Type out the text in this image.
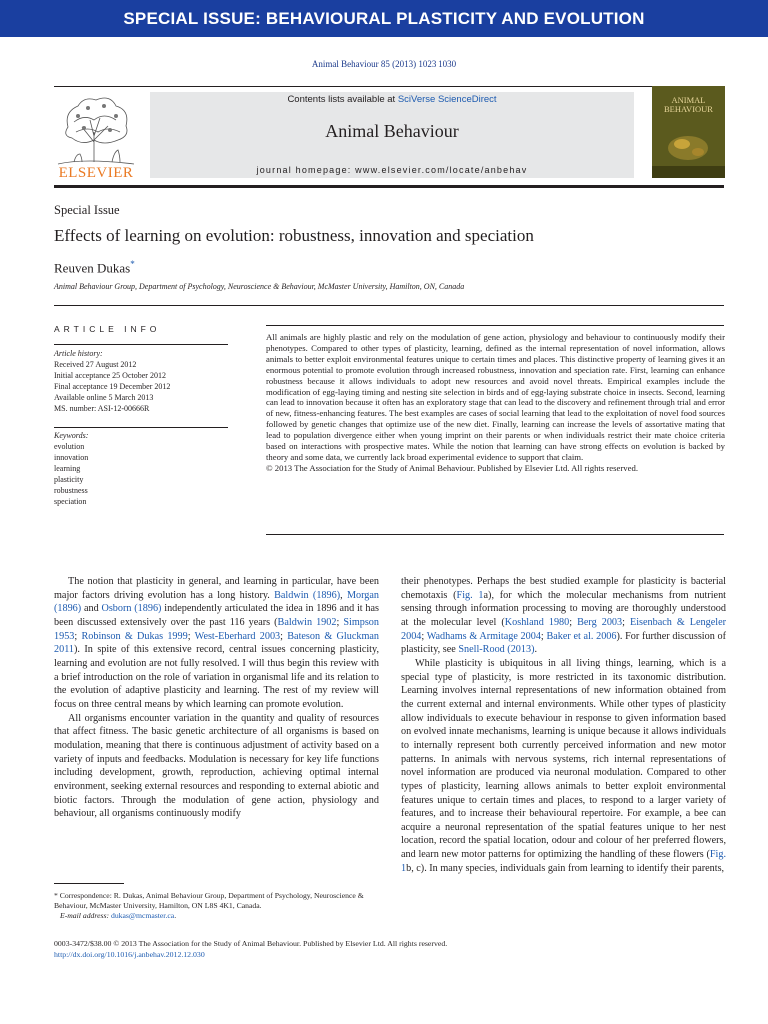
SPECIAL ISSUE: BEHAVIOURAL PLASTICITY AND EVOLUTION
Animal Behaviour 85 (2013) 1023 1030
ELSEVIER
Contents lists available at SciVerse ScienceDirect
Animal Behaviour
journal homepage: www.elsevier.com/locate/anbehav
ANIMAL
BEHAVIOUR
Special Issue
Effects of learning on evolution: robustness, innovation and speciation
Reuven Dukas*
Animal Behaviour Group, Department of Psychology, Neuroscience & Behaviour, McMaster University, Hamilton, ON, Canada
ARTICLE INFO
Article history:
Received 27 August 2012
Initial acceptance 25 October 2012
Final acceptance 19 December 2012
Available online 5 March 2013
MS. number: ASI-12-00666R
Keywords:
evolution
innovation
learning
plasticity
robustness
speciation
All animals are highly plastic and rely on the modulation of gene action, physiology and behaviour to continuously modify their phenotypes. Compared to other types of plasticity, learning, defined as the internal representation of novel information, allows animals to better exploit environmental features unique to certain times and places. This distinctive property of learning gives it an enormous potential to promote evolution through increased robustness, innovation and speciation rate. First, learning can enhance robustness because it allows individuals to adopt new resources and avoid novel threats. Empirical examples include the modification of egg-laying timing and nesting site selection in birds and of egg-laying substrate choice in insects. Second, learning can lead to innovation because it often has an exploratory stage that can lead to the discovery and refinement through trial and error of new, fitness-enhancing features. The best examples are cases of social learning that lead to the exploitation of novel food sources followed by genetic changes that optimize use of the new diet. Finally, learning can increase the levels of assortative mating that lead to population divergence either when young imprint on their parents or when individuals restrict their mate choice criteria based on interactions with prospective mates. While the notion that learning can have strong effects on evolution is backed by theory and some data, we currently lack broad experimental evidence to support that claim.
© 2013 The Association for the Study of Animal Behaviour. Published by Elsevier Ltd. All rights reserved.

The notion that plasticity in general, and learning in particular, have been major factors driving evolution has a long history. Baldwin (1896), Morgan (1896) and Osborn (1896) independently articulated the idea in 1896 and it has been discussed extensively over the past 116 years (Baldwin 1902; Simpson 1953; Robinson & Dukas 1999; West-Eberhard 2003; Bateson & Gluckman 2011). In spite of this extensive record, central issues concerning plasticity, learning and evolution are not fully resolved. I will thus begin this review with a brief introduction on the role of variation in organismal life and its relation to the evolution of adaptive plasticity and learning. The rest of my review will focus on three central means by which learning can promote evolution.

All organisms encounter variation in the quantity and quality of resources that affect fitness. The basic genetic architecture of all organisms is based on modulation, meaning that there is continuous adjustment of activity based on a variety of inputs and feedbacks. Modulation is necessary for key life functions including development, growth, reproduction, achieving optimal internal environment, seeking external resources and responding to external abiotic and biotic factors. Through the modulation of gene action, physiology and behaviour, all organisms continuously modify

their phenotypes. Perhaps the best studied example for plasticity is bacterial chemotaxis (Fig. 1a), for which the molecular mechanisms from nutrient sensing through information processing to moving are thoroughly understood at the molecular level (Koshland 1980; Berg 2003; Eisenbach & Lengeler 2004; Wadhams & Armitage 2004; Baker et al. 2006). For further discussion of plasticity, see Snell-Rood (2013).

While plasticity is ubiquitous in all living things, learning, which is a special type of plasticity, is more restricted in its taxonomic distribution. Learning involves internal representations of new information obtained from the current external and internal environments. While other types of plasticity allow individuals to execute behaviour in response to given information based on evolved innate mechanisms, learning is unique because it allows individuals to internally represent both currently perceived information and new motor patterns. In animals with nervous systems, rich internal representations of novel information are produced via neuronal modulation. Compared to other types of plasticity, learning allows animals to better exploit environmental features unique to certain times and places, to respond to a larger variety of features, and to increase their behavioural repertoire. For example, a bee can acquire a neuronal representation of the spatial features unique to her nest location, record the spatial location, odour and colour of her preferred flowers, and learn new motor patterns for optimizing the handling of these flowers (Fig. 1b, c). In many species, individuals gain from learning to identify their parents,

* Correspondence: R. Dukas, Animal Behaviour Group, Department of Psychology, Neuroscience & Behaviour, McMaster University, Hamilton, ON L8S 4K1, Canada.
E-mail address: dukas@mcmaster.ca.
0003-3472/$38.00 © 2013 The Association for the Study of Animal Behaviour. Published by Elsevier Ltd. All rights reserved.
http://dx.doi.org/10.1016/j.anbehav.2012.12.030
